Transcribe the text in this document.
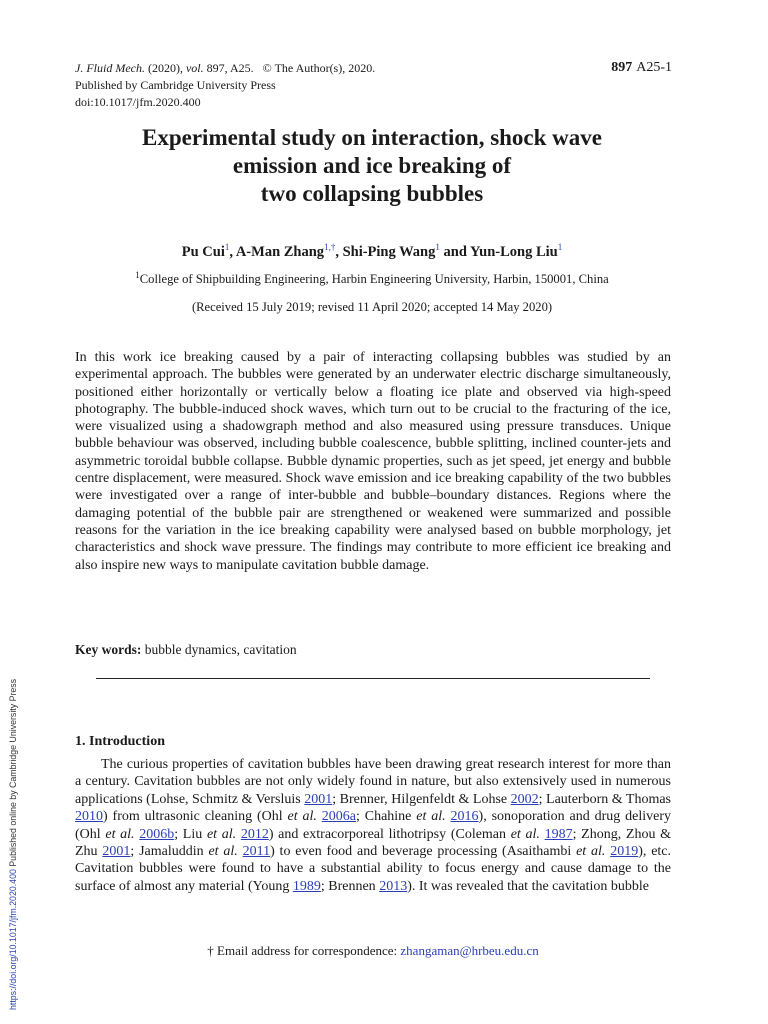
J. Fluid Mech. (2020), vol. 897, A25. © The Author(s), 2020.
Published by Cambridge University Press
doi:10.1017/jfm.2020.400
897 A25-1
Experimental study on interaction, shock wave
emission and ice breaking of
two collapsing bubbles
Pu Cui$^1$, A-Man Zhang$^{1,\dagger}$, Shi-Ping Wang$^1$ and Yun-Long Liu$^1$
$^1$College of Shipbuilding Engineering, Harbin Engineering University, Harbin, 150001, China
(Received 15 July 2019; revised 11 April 2020; accepted 14 May 2020)
In this work ice breaking caused by a pair of interacting collapsing bubbles was studied by an experimental approach. The bubbles were generated by an underwater electric discharge simultaneously, positioned either horizontally or vertically below a floating ice plate and observed via high-speed photography. The bubble-induced shock waves, which turn out to be crucial to the fracturing of the ice, were visualized using a shadowgraph method and also measured using pressure transduces. Unique bubble behaviour was observed, including bubble coalescence, bubble splitting, inclined counter-jets and asymmetric toroidal bubble collapse. Bubble dynamic properties, such as jet speed, jet energy and bubble centre displacement, were measured. Shock wave emission and ice breaking capability of the two bubbles were investigated over a range of inter-bubble and bubble–boundary distances. Regions where the damaging potential of the bubble pair are strengthened or weakened were summarized and possible reasons for the variation in the ice breaking capability were analysed based on bubble morphology, jet characteristics and shock wave pressure. The findings may contribute to more efficient ice breaking and also inspire new ways to manipulate cavitation bubble damage.
Key words: bubble dynamics, cavitation
1. Introduction
The curious properties of cavitation bubbles have been drawing great research interest for more than a century. Cavitation bubbles are not only widely found in nature, but also extensively used in numerous applications (Lohse, Schmitz & Versluis 2001; Brenner, Hilgenfeldt & Lohse 2002; Lauterborn & Thomas 2010) from ultrasonic cleaning (Ohl et al. 2006a; Chahine et al. 2016), sonoporation and drug delivery (Ohl et al. 2006b; Liu et al. 2012) and extracorporeal lithotripsy (Coleman et al. 1987; Zhong, Zhou & Zhu 2001; Jamaluddin et al. 2011) to even food and beverage processing (Asaithambi et al. 2019), etc. Cavitation bubbles were found to have a substantial ability to focus energy and cause damage to the surface of almost any material (Young 1989; Brennen 2013). It was revealed that the cavitation bubble
† Email address for correspondence: zhangaman@hrbeu.edu.cn
https://doi.org/10.1017/jfm.2020.400 Published online by Cambridge University Press
